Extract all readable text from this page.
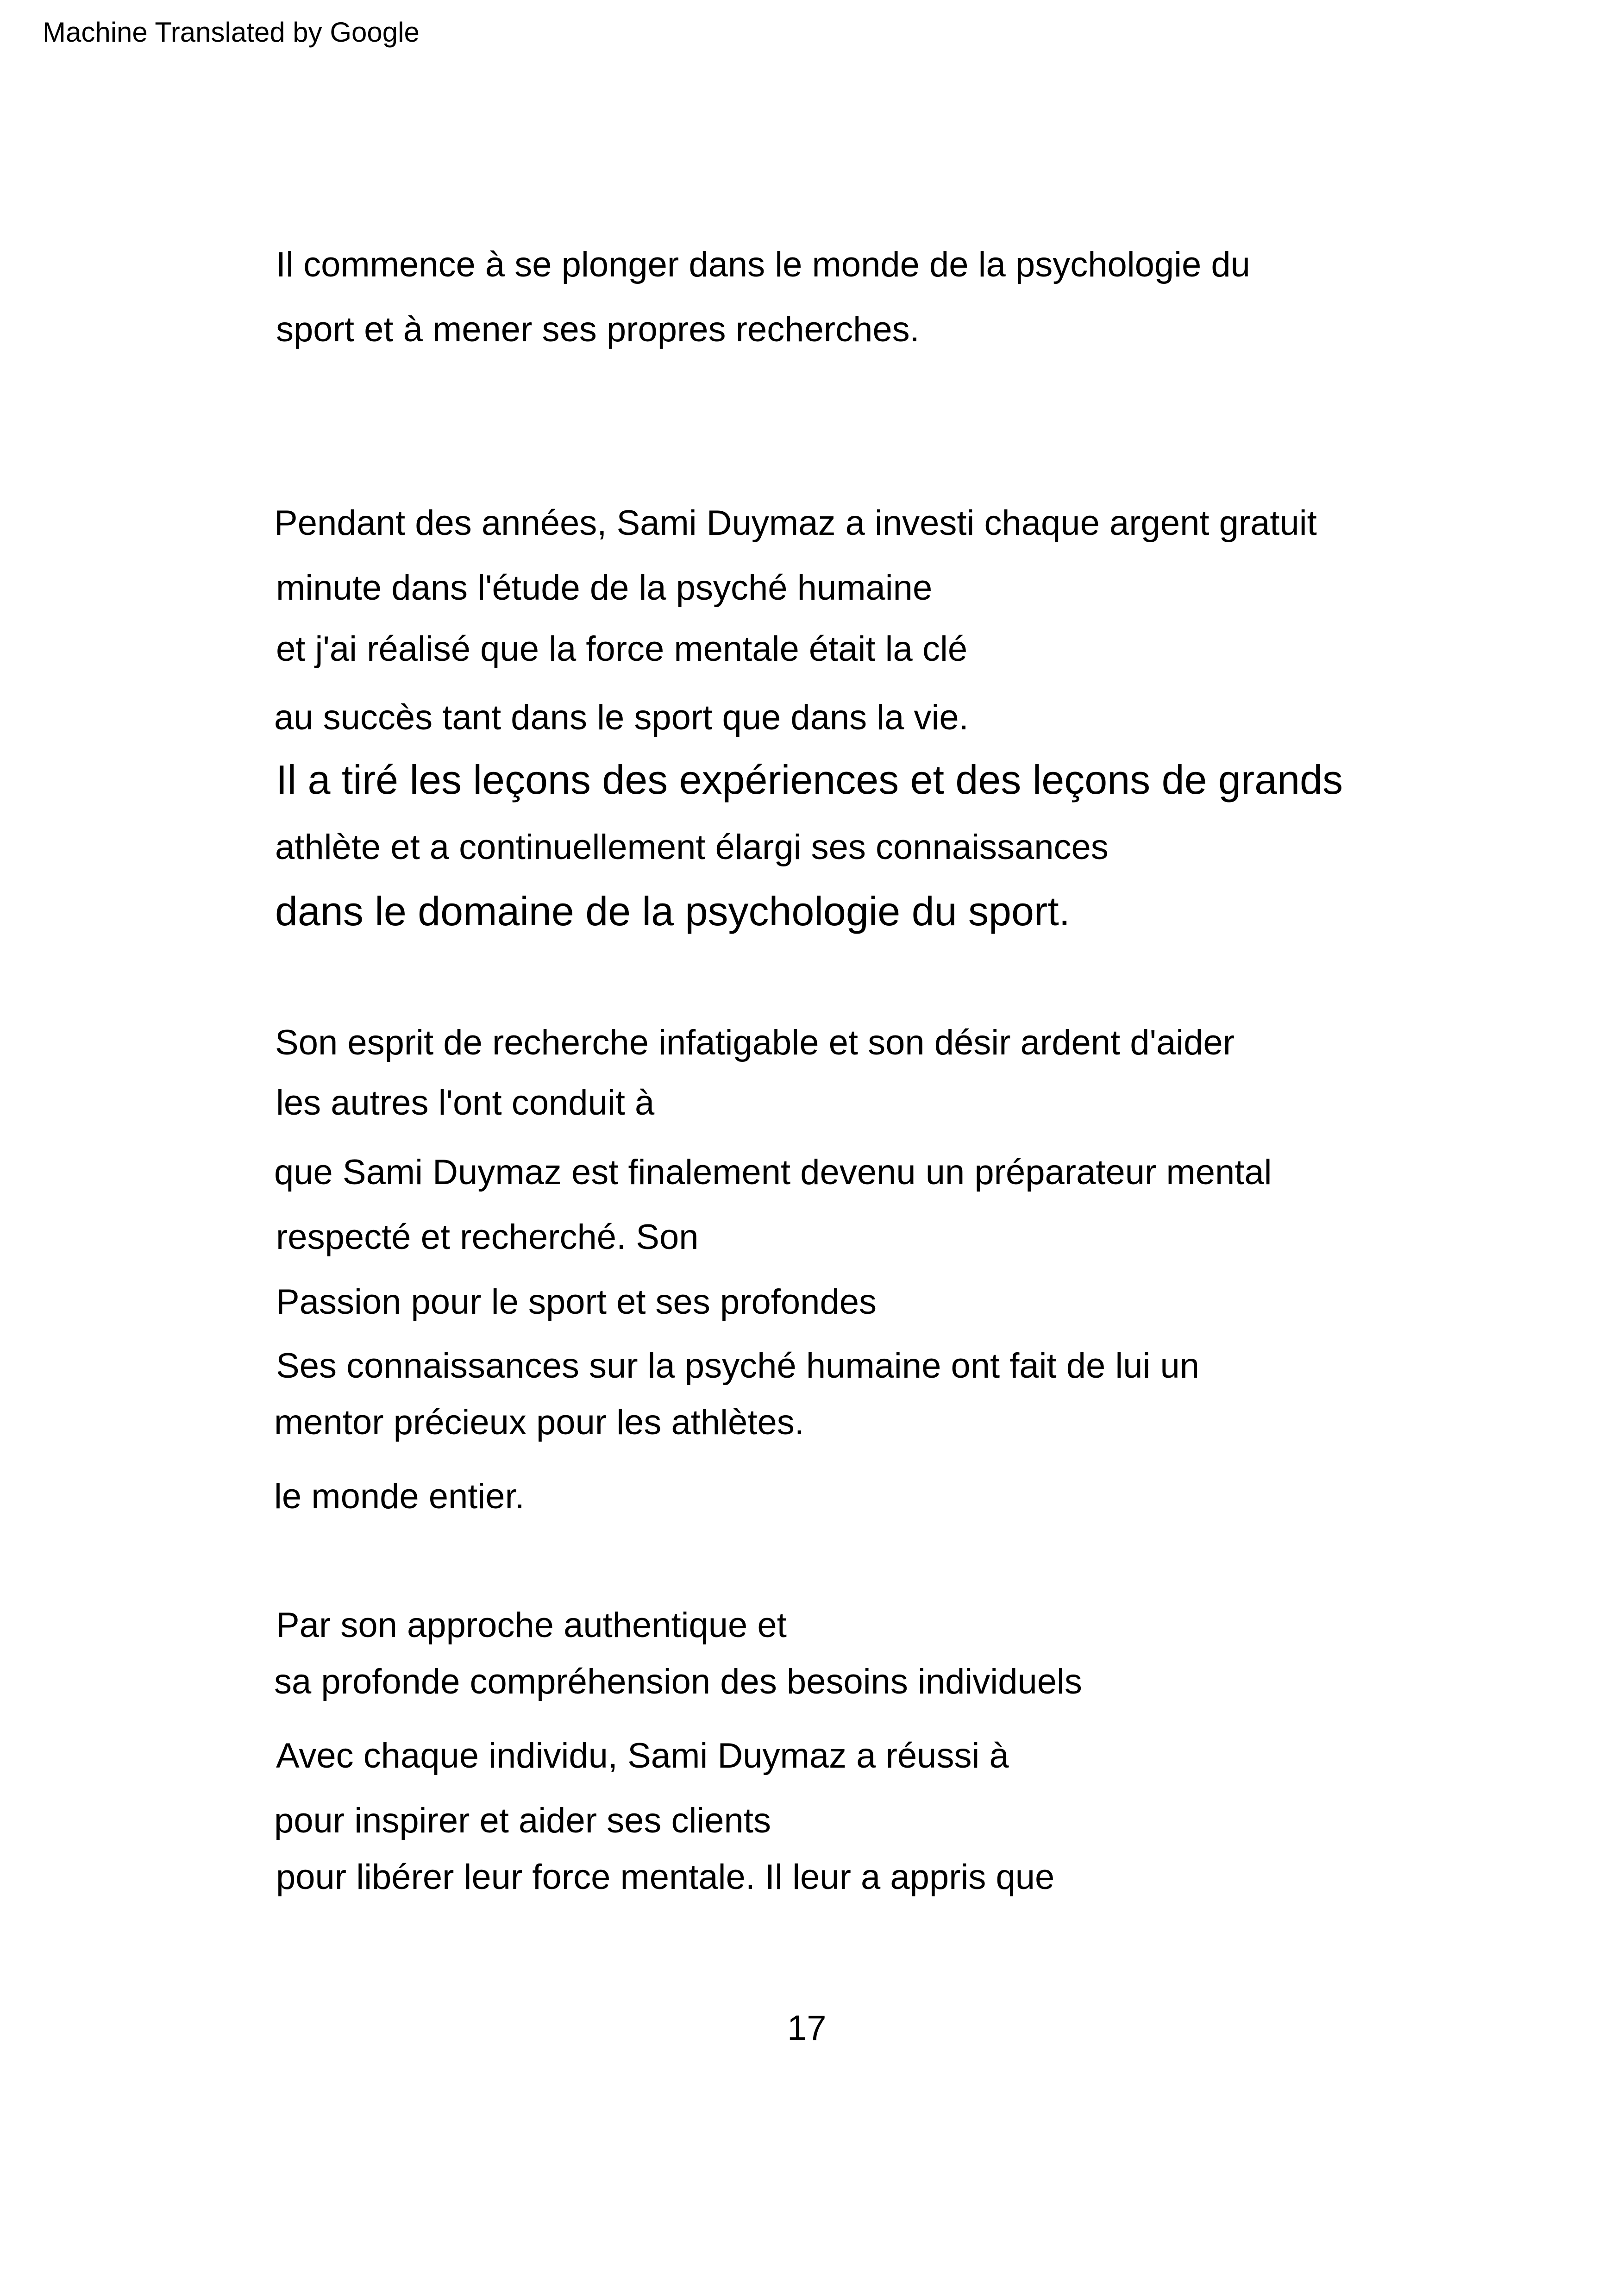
Machine Translated by Google
Il commence à se plonger dans le monde de la psychologie du
sport et à mener ses propres recherches.
Pendant des années, Sami Duymaz a investi chaque argent gratuit
minute dans l'étude de la psyché humaine
et j'ai réalisé que la force mentale était la clé
au succès tant dans le sport que dans la vie.
Il a tiré les leçons des expériences et des leçons de grands
athlète et a continuellement élargi ses connaissances
dans le domaine de la psychologie du sport.
Son esprit de recherche infatigable et son désir ardent d'aider
les autres l'ont conduit à
que Sami Duymaz est finalement devenu un préparateur mental
respecté et recherché. Son
Passion pour le sport et ses profondes
Ses connaissances sur la psyché humaine ont fait de lui un
mentor précieux pour les athlètes.
le monde entier.
Par son approche authentique et
sa profonde compréhension des besoins individuels
Avec chaque individu, Sami Duymaz a réussi à
pour inspirer et aider ses clients
pour libérer leur force mentale. Il leur a appris que
17
